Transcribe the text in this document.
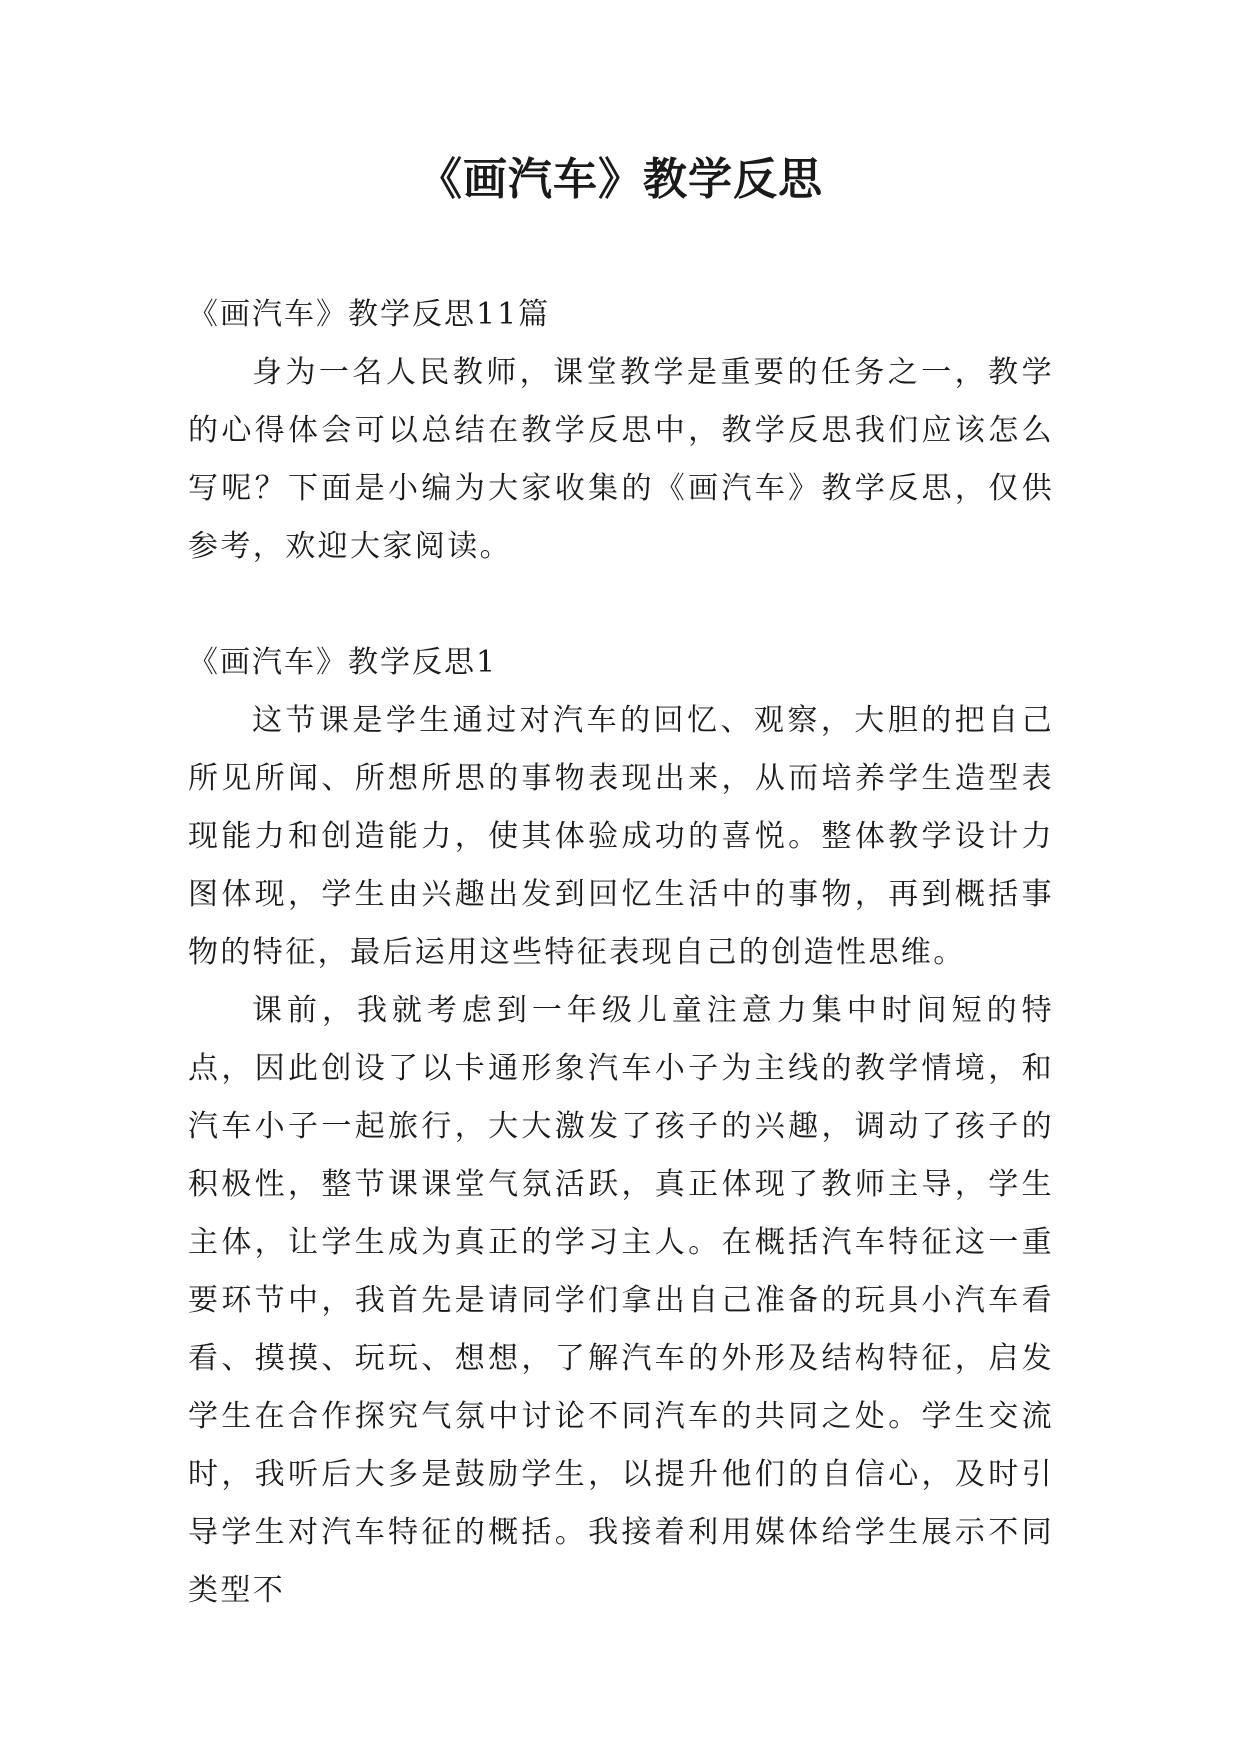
《画汽车》教学反思

《画汽车》教学反思11篇

身为一名人民教师，课堂教学是重要的任务之一，教学的心得体会可以总结在教学反思中，教学反思我们应该怎么写呢？下面是小编为大家收集的《画汽车》教学反思，仅供参考，欢迎大家阅读。

《画汽车》教学反思1

这节课是学生通过对汽车的回忆、观察，大胆的把自己所见所闻、所想所思的事物表现出来，从而培养学生造型表现能力和创造能力，使其体验成功的喜悦。整体教学设计力图体现，学生由兴趣出发到回忆生活中的事物，再到概括事物的特征，最后运用这些特征表现自己的创造性思维。

课前，我就考虑到一年级儿童注意力集中时间短的特点，因此创设了以卡通形象汽车小子为主线的教学情境，和汽车小子一起旅行，大大激发了孩子的兴趣，调动了孩子的积极性，整节课课堂气氛活跃，真正体现了教师主导，学生主体，让学生成为真正的学习主人。在概括汽车特征这一重要环节中，我首先是请同学们拿出自己准备的玩具小汽车看看、摸摸、玩玩、想想，了解汽车的外形及结构特征，启发学生在合作探究气氛中讨论不同汽车的共同之处。学生交流时，我听后大多是鼓励学生，以提升他们的自信心，及时引导学生对汽车特征的概括。我接着利用媒体给学生展示不同类型不
